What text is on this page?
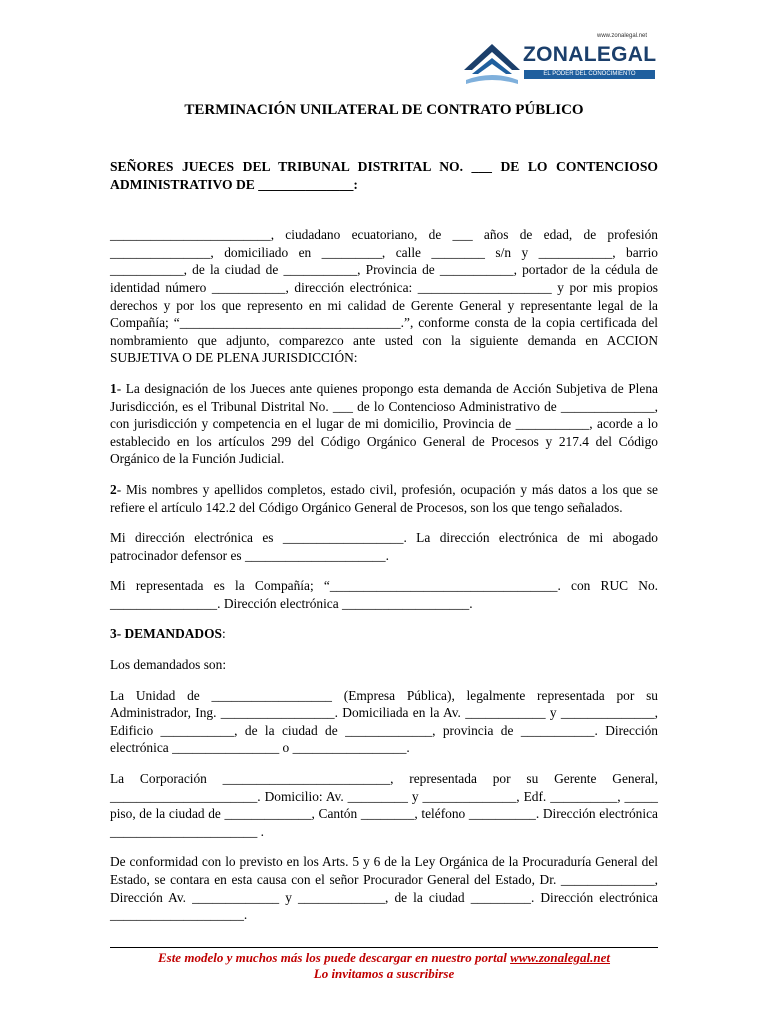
www.zonalegal.net
ZONALEGAL
EL PODER DEL CONOCIMIENTO
TERMINACIÓN UNILATERAL DE CONTRATO PÚBLICO

SEÑORES JUECES DEL TRIBUNAL DISTRITAL NO. ___ DE LO CONTENCIOSO ADMINISTRATIVO DE ______________:

________________________, ciudadano ecuatoriano, de ___ años de edad, de profesión _______________, domiciliado en _________, calle ________ s/n y ___________, barrio ___________, de la ciudad de ___________, Provincia de ___________, portador de la cédula de identidad número ___________, dirección electrónica: ____________________ y por mis propios derechos y por los que represento en mi calidad de Gerente General y representante legal de la Compañía; “_________________________________.”, conforme consta de la copia certificada del nombramiento que adjunto, comparezco ante usted con la siguiente demanda en ACCION SUBJETIVA O DE PLENA JURISDICCIÓN:

1- La designación de los Jueces ante quienes propongo esta demanda de Acción Subjetiva de Plena Jurisdicción, es el Tribunal Distrital No. ___ de lo Contencioso Administrativo de ______________, con jurisdicción y competencia en el lugar de mi domicilio, Provincia de ___________, acorde a lo establecido en los artículos 299 del Código Orgánico General de Procesos y 217.4 del Código Orgánico de la Función Judicial.

2- Mis nombres y apellidos completos, estado civil, profesión, ocupación y más datos a los que se refiere el artículo 142.2 del Código Orgánico General de Procesos, son los que tengo señalados.

Mi dirección electrónica es __________________. La dirección electrónica de mi abogado patrocinador defensor es _____________________.

Mi representada es la Compañía; “__________________________________. con RUC No. ________________. Dirección electrónica ___________________.

3- DEMANDADOS:

Los demandados son:

La Unidad de __________________ (Empresa Pública), legalmente representada por su Administrador, Ing. _________________. Domiciliada en la Av. ____________ y ______________, Edificio ___________, de la ciudad de _____________, provincia de ___________. Dirección electrónica ________________ o _________________.

La Corporación _________________________, representada por su Gerente General, ______________________. Domicilio: Av. _________ y ______________, Edf. __________, _____ piso, de la ciudad de _____________, Cantón ________, teléfono __________. Dirección electrónica ______________________ .

De conformidad con lo previsto en los Arts. 5 y 6 de la Ley Orgánica de la Procuraduría General del Estado, se contara en esta causa con el señor Procurador General del Estado, Dr. ______________, Dirección Av. _____________ y _____________, de la ciudad _________. Dirección electrónica ____________________.

Este modelo y muchos más los puede descargar en nuestro portal www.zonalegal.net
Lo invitamos a suscribirse
